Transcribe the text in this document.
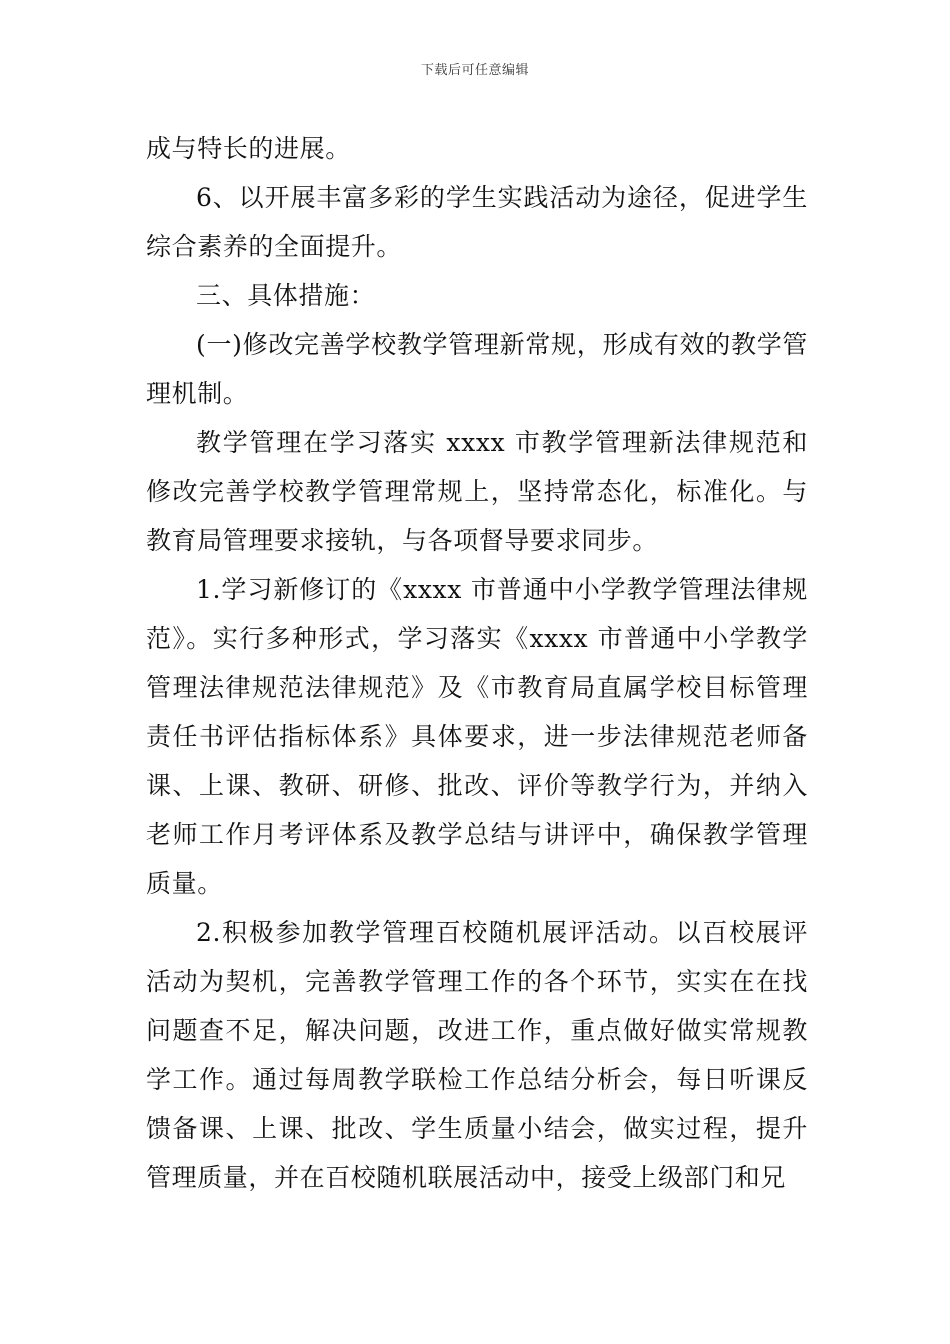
下载后可任意编辑

成与特长的进展。

6、以开展丰富多彩的学生实践活动为途径，促进学生综合素养的全面提升。

三、具体措施：

(一)修改完善学校教学管理新常规，形成有效的教学管理机制。

教学管理在学习落实 xxxx 市教学管理新法律规范和修改完善学校教学管理常规上，坚持常态化，标准化。与教育局管理要求接轨，与各项督导要求同步。

1.学习新修订的《xxxx 市普通中小学教学管理法律规范》。实行多种形式，学习落实《xxxx 市普通中小学教学管理法律规范法律规范》及《市教育局直属学校目标管理责任书评估指标体系》具体要求，进一步法律规范老师备课、上课、教研、研修、批改、评价等教学行为，并纳入老师工作月考评体系及教学总结与讲评中，确保教学管理质量。

2.积极参加教学管理百校随机展评活动。以百校展评活动为契机，完善教学管理工作的各个环节，实实在在找问题查不足，解决问题，改进工作，重点做好做实常规教学工作。通过每周教学联检工作总结分析会，每日听课反馈备课、上课、批改、学生质量小结会，做实过程，提升管理质量，并在百校随机联展活动中，接受上级部门和兄
